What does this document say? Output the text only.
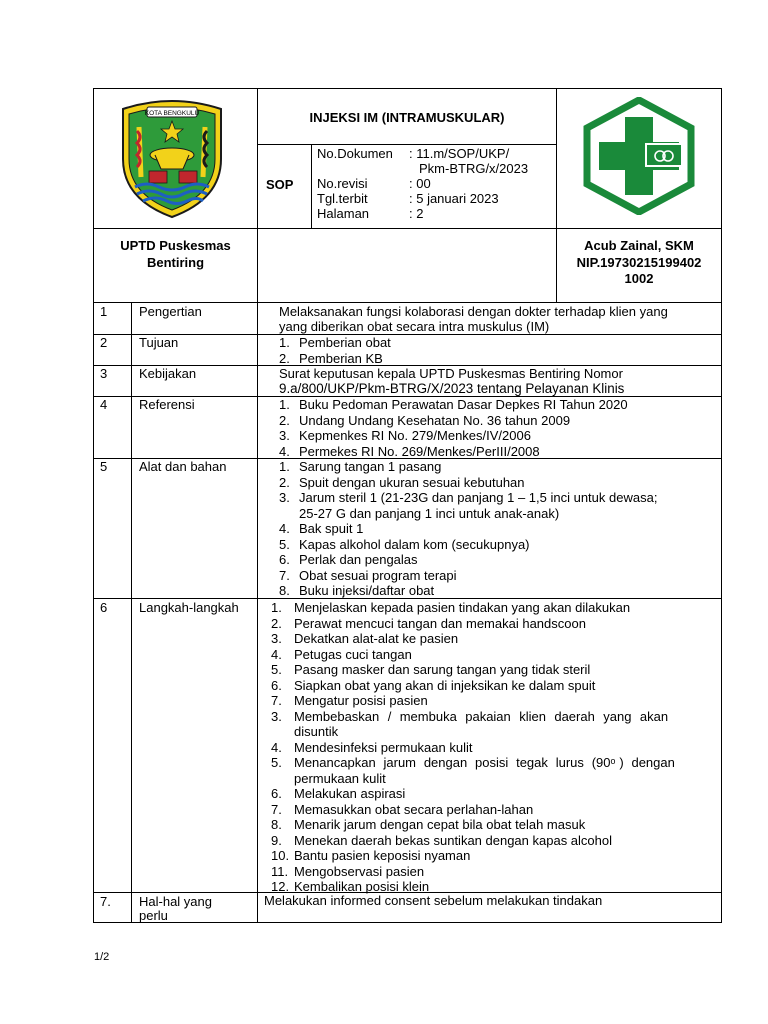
KOTA BENGKULU	INJEKSI IM (INTRAMUSKULAR)
SOP
No.Dokumen : 11.m/SOP/UKP/
Pkm-BTRG/x/2023
No.revisi	: 00
Tgl.terbit	: 5 januari 2023
Halaman	: 2
UPTD Puskesmas
Bentiring
Acub Zainal, SKM
NIP.19730215199402
1002
1 Pengertian	Melaksanakan fungsi kolaborasi dengan dokter terhadap klien yang
yang diberikan obat secara intra muskulus (IM)
2 Tujuan	1. Pemberian obat
2. Pemberian KB
3 Kebijakan	Surat keputusan kepala UPTD Puskesmas Bentiring Nomor
9.a/800/UKP/Pkm-BTRG/X/2023 tentang Pelayanan Klinis
4 Referensi	1. Buku Pedoman Perawatan Dasar Depkes RI Tahun 2020
2. Undang Undang Kesehatan No. 36 tahun 2009
3. Kepmenkes RI No. 279/Menkes/IV/2006
4. Permekes RI No. 269/Menkes/PerIII/2008
5 Alat dan bahan	1. Sarung tangan 1 pasang
2. Spuit dengan ukuran sesuai kebutuhan
3. Jarum steril 1 (21-23G dan panjang 1 – 1,5 inci untuk dewasa;
25-27 G dan panjang 1 inci untuk anak-anak)
4. Bak spuit 1
5. Kapas alkohol dalam kom (secukupnya)
6. Perlak dan pengalas
7. Obat sesuai program terapi
8. Buku injeksi/daftar obat
6 Langkah-langkah 1. Menjelaskan kepada pasien tindakan yang akan dilakukan
2. Perawat mencuci tangan dan memakai handscoon
3. Dekatkan alat-alat ke pasien
4. Petugas cuci tangan
5. Pasang masker dan sarung tangan yang tidak steril
6. Siapkan obat yang akan di injeksikan ke dalam spuit
7. Mengatur posisi pasien
3. Membebaskan  /  membuka  pakaian  klien  daerah  yang  akan
disuntik
4. Mendesinfeksi permukaan kulit
5. Menancapkan  jarum  dengan  posisi  tegak  lurus  (90ᵒ )  dengan
permukaan kulit
6. Melakukan aspirasi
7. Memasukkan obat secara perlahan-lahan
8. Menarik jarum dengan cepat bila obat telah masuk
9. Menekan daerah bekas suntikan dengan kapas alcohol
10. Bantu pasien keposisi nyaman
11. Mengobservasi pasien
12. Kembalikan posisi klein
7. Hal-hal yang
perlu
Melakukan informed consent sebelum melakukan tindakan
1/2
